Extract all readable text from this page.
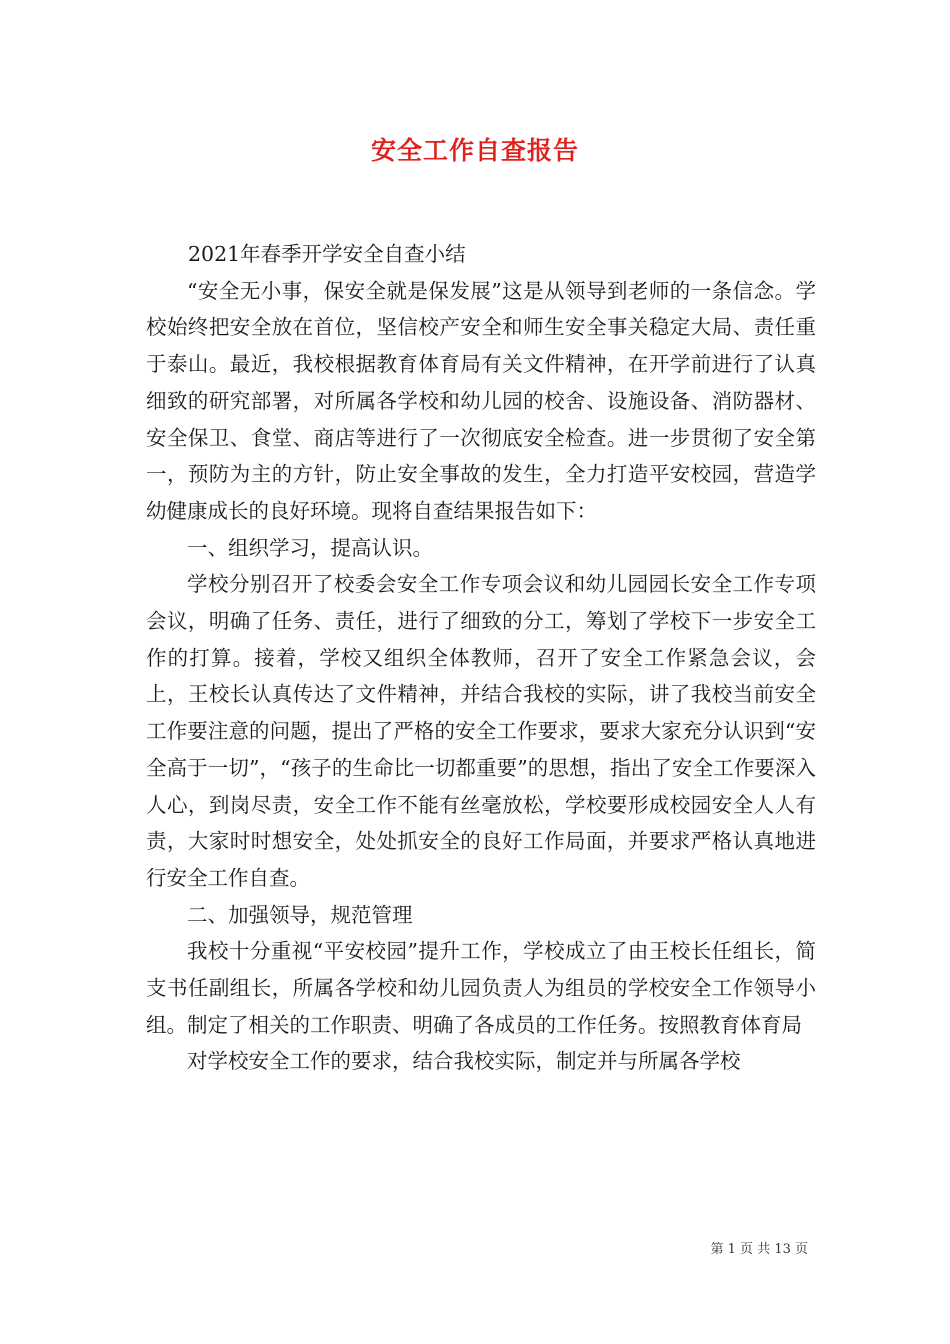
安全工作自查报告

2021年春季开学安全自查小结

“安全无小事，保安全就是保发展”这是从领导到老师的一条信念。学校始终把安全放在首位，坚信校产安全和师生安全事关稳定大局、责任重于泰山。最近，我校根据教育体育局有关文件精神，在开学前进行了认真细致的研究部署，对所属各学校和幼儿园的校舍、设施设备、消防器材、安全保卫、食堂、商店等进行了一次彻底安全检查。进一步贯彻了安全第一，预防为主的方针，防止安全事故的发生，全力打造平安校园，营造学幼健康成长的良好环境。现将自查结果报告如下：

一、组织学习，提高认识。

学校分别召开了校委会安全工作专项会议和幼儿园园长安全工作专项会议，明确了任务、责任，进行了细致的分工，筹划了学校下一步安全工作的打算。接着，学校又组织全体教师，召开了安全工作紧急会议，会上，王校长认真传达了文件精神，并结合我校的实际，讲了我校当前安全工作要注意的问题，提出了严格的安全工作要求，要求大家充分认识到“安全高于一切”，“孩子的生命比一切都重要”的思想，指出了安全工作要深入人心，到岗尽责，安全工作不能有丝毫放松，学校要形成校园安全人人有责，大家时时想安全，处处抓安全的良好工作局面，并要求严格认真地进行安全工作自查。

二、加强领导，规范管理

我校十分重视“平安校园”提升工作，学校成立了由王校长任组长，简支书任副组长，所属各学校和幼儿园负责人为组员的学校安全工作领导小组。制定了相关的工作职责、明确了各成员的工作任务。按照教育体育局

对学校安全工作的要求，结合我校实际，制定并与所属各学校

第 1 页 共 13 页
